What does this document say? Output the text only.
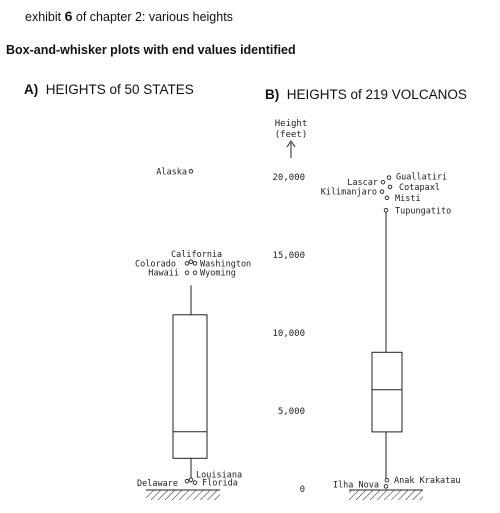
exhibit 6 of chapter 2: various heights
Box-and-whisker plots with end values identified
A) HEIGHTS of 50 STATES	B) HEIGHTS of 219 VOLCANOS
Height
(feet)
0
5,000
10,000
15,000
20,000
Alaska
California
Colorado	Washington
Hawaii Wyoming
Louisiana
Delaware	Florida
Guallatiri
Lascar Cotapaxl
Kilimanjaro
Misti
Tupungatito
Anak Krakatau
Ilha Nova
